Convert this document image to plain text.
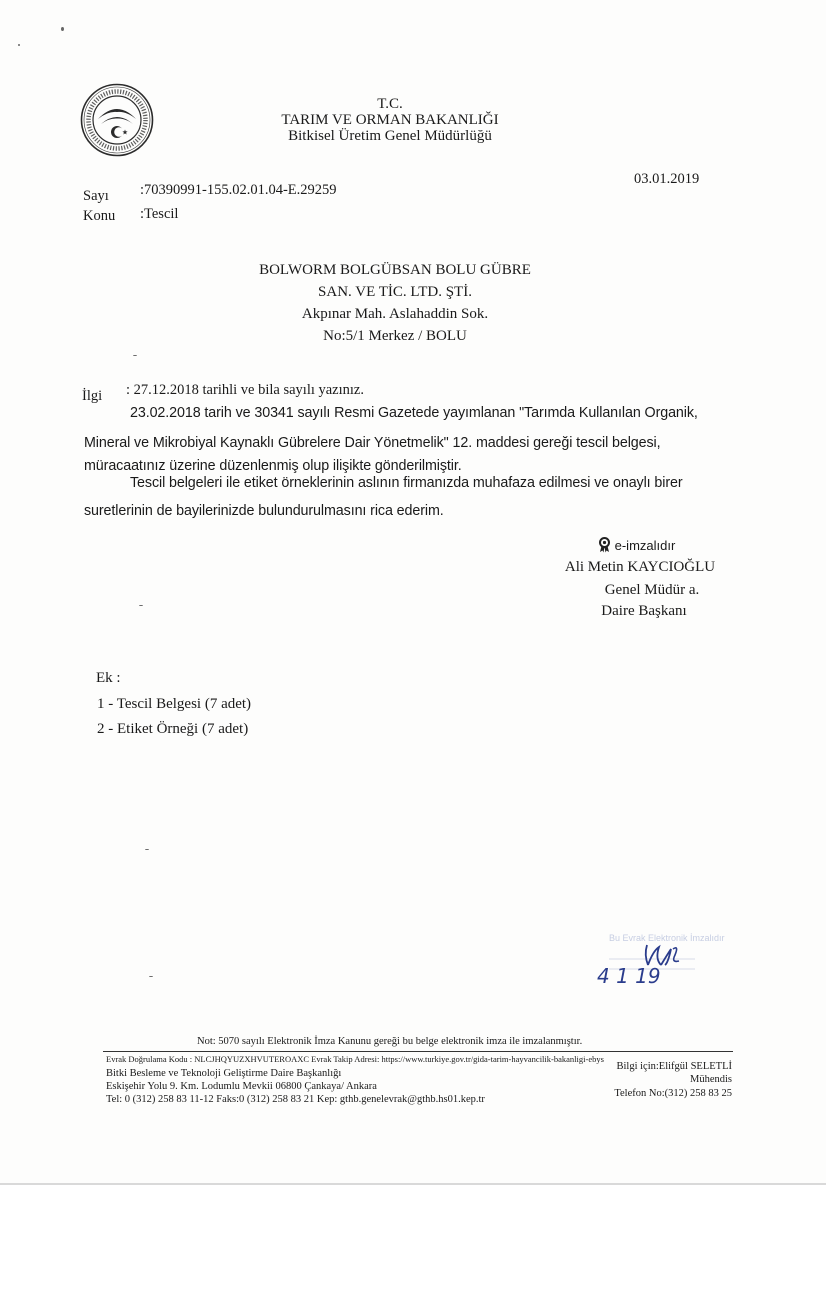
T.C.
TARIM VE ORMAN BAKANLIĞI
Bitkisel Üretim Genel Müdürlüğü
Sayı :70390991-155.02.01.04-E.29259
Konu :Tescil
03.01.2019
BOLWORM BOLGÜBSAN BOLU GÜBRE
SAN. VE TİC. LTD. ŞTİ.
Akpınar Mah. Aslahaddin Sok.
No:5/1 Merkez / BOLU
İlgi : 27.12.2018 tarihli ve bila sayılı yazınız.
23.02.2018 tarih ve 30341 sayılı Resmi Gazetede yayımlanan "Tarımda Kullanılan Organik,
Mineral ve Mikrobiyal Kaynaklı Gübrelere Dair Yönetmelik" 12. maddesi gereği tescil belgesi,
müracaatınız üzerine düzenlenmiş olup ilişikte gönderilmiştir.
Tescil belgeleri ile etiket örneklerinin aslının firmanızda muhafaza edilmesi ve onaylı birer
suretlerinin de bayilerinizde bulundurulmasını rica ederim.
e-imzalıdır
Ali Metin KAYCIOĞLU
Genel Müdür a.
Daire Başkanı
Ek :
1 - Tescil Belgesi (7 adet)
2 - Etiket Örneği (7 adet)
Bu Evrak Elektronik İmzalıdır
4 1 19
Not: 5070 sayılı Elektronik İmza Kanunu gereği bu belge elektronik imza ile imzalanmıştır.
Evrak Doğrulama Kodu : NLCJHQYUZXHVUTEROAXC Evrak Takip Adresi: https://www.turkiye.gov.tr/gida-tarim-hayvancilik-bakanligi-ebys
Bitki Besleme ve Teknoloji Geliştirme Daire Başkanlığı
Eskişehir Yolu 9. Km. Lodumlu Mevkii 06800 Çankaya/ Ankara
Tel: 0 (312) 258 83 11-12 Faks:0 (312) 258 83 21 Kep: gthb.genelevrak@gthb.hs01.kep.tr
Bilgi için:Elifgül SELETLİ
Mühendis
Telefon No:(312) 258 83 25
